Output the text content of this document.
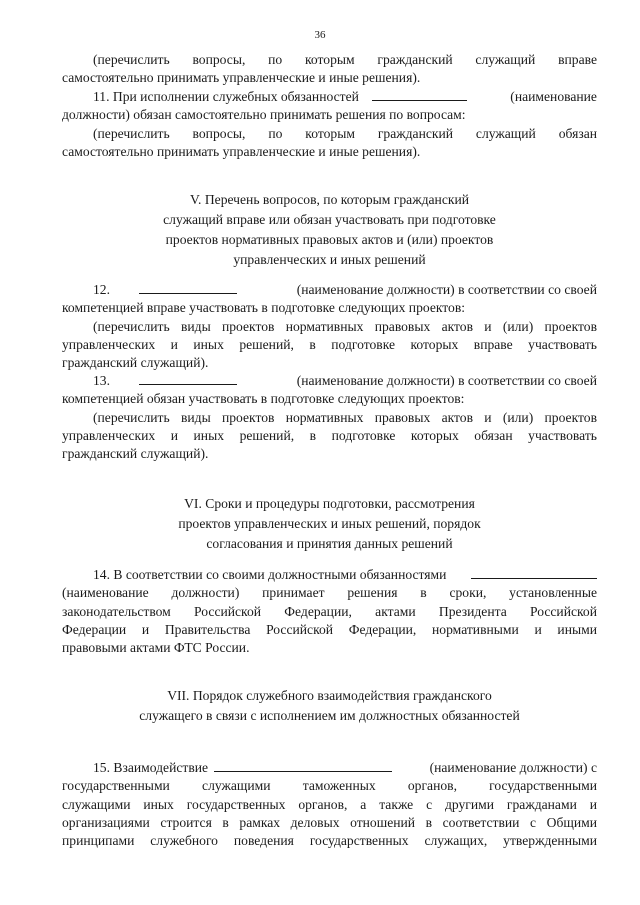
36
(перечислить вопросы, по которым гражданский служащий вправе
самостоятельно принимать управленческие и иные решения).
11. При исполнении служебных обязанностей	(наименование
должности) обязан самостоятельно принимать решения по вопросам:
(перечислить вопросы, по которым гражданский служащий обязан
самостоятельно принимать управленческие и иные решения).
V. Перечень вопросов, по которым гражданский
служащий вправе или обязан участвовать при подготовке
проектов нормативных правовых актов и (или) проектов
управленческих и иных решений
12.	(наименование должности) в соответствии со своей
компетенцией вправе участвовать в подготовке следующих проектов:
(перечислить виды проектов нормативных правовых актов и (или) проектов
управленческих и иных решений, в подготовке которых вправе участвовать
гражданский служащий).
13.	(наименование должности) в соответствии со своей
компетенцией обязан участвовать в подготовке следующих проектов:
(перечислить виды проектов нормативных правовых актов и (или) проектов
управленческих и иных решений, в подготовке которых обязан участвовать
гражданский служащий).
VI. Сроки и процедуры подготовки, рассмотрения
проектов управленческих и иных решений, порядок
согласования и принятия данных решений
14. В соответствии со своими должностными обязанностями
(наименование должности) принимает решения в сроки, установленные
законодательством Российской Федерации, актами Президента Российской
Федерации и Правительства Российской Федерации, нормативными и иными
правовыми актами ФТС России.
VII. Порядок служебного взаимодействия гражданского
служащего в связи с исполнением им должностных обязанностей
15. Взаимодействие	(наименование должности) с
государственными служащими таможенных органов, государственными
служащими иных государственных органов, а также с другими гражданами и
организациями строится в рамках деловых отношений в соответствии с Общими
принципами служебного поведения государственных служащих, утвержденными
